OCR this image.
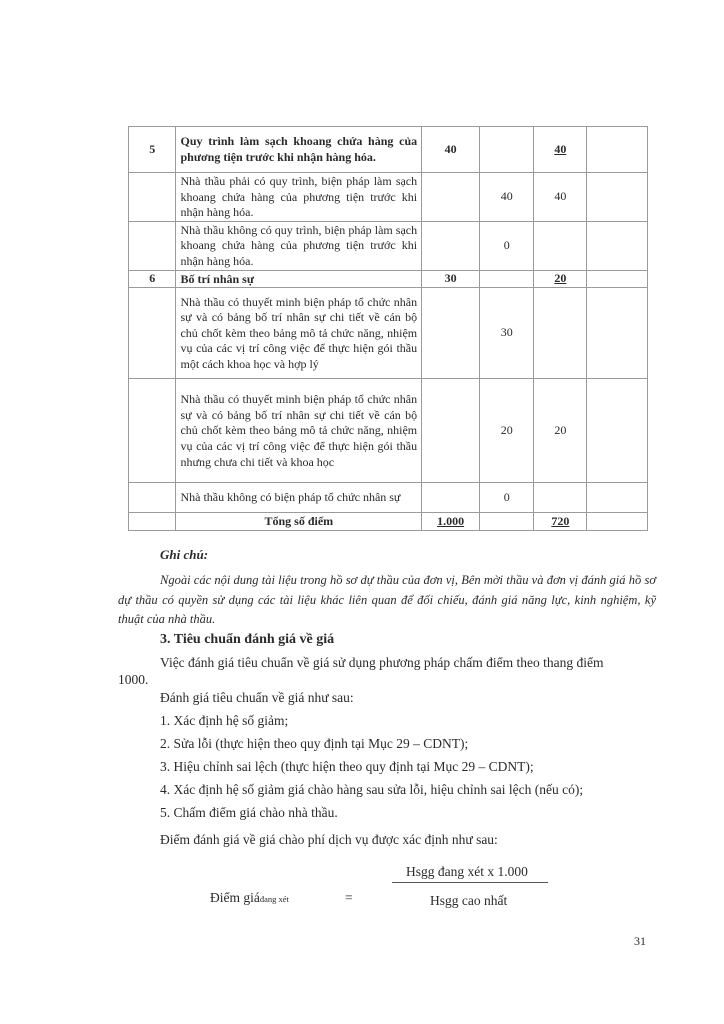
5	Quy trình làm sạch khoang chứa hàng của phương tiện trước khi nhận hàng hóa.	40		40	
	Nhà thầu phải có quy trình, biện pháp làm sạch khoang chứa hàng của phương tiện trước khi nhận hàng hóa.		40	40	
	Nhà thầu không có quy trình, biện pháp làm sạch khoang chứa hàng của phương tiện trước khi nhận hàng hóa.		0		
6	Bố trí nhân sự	30		20	
	Nhà thầu có thuyết minh biện pháp tổ chức nhân sự và có bảng bố trí nhân sự chi tiết về cán bộ chủ chốt kèm theo bảng mô tả chức năng, nhiệm vụ của các vị trí công việc để thực hiện gói thầu một cách khoa học và hợp lý		30		
	Nhà thầu có thuyết minh biện pháp tổ chức nhân sự và có bảng bố trí nhân sự chi tiết về cán bộ chủ chốt kèm theo bảng mô tả chức năng, nhiệm vụ của các vị trí công việc để thực hiện gói thầu nhưng chưa chi tiết và khoa học		20	20	
	Nhà thầu không có biện pháp tổ chức nhân sự		0		
	Tổng số điểm	1.000		720	
Ghi chú:
Ngoài các nội dung tài liệu trong hồ sơ dự thầu của đơn vị, Bên mời thầu và đơn vị đánh giá hồ sơ dự thầu có quyền sử dụng các tài liệu khác liên quan để đối chiếu, đánh giá năng lực, kinh nghiệm, kỹ thuật của nhà thầu.
3. Tiêu chuẩn đánh giá về giá
Việc đánh giá tiêu chuẩn về giá sử dụng phương pháp chấm điểm theo thang điểm
1000.
Đánh giá tiêu chuẩn về giá như sau:
1. Xác định hệ số giảm;
2. Sửa lỗi (thực hiện theo quy định tại Mục 29 – CDNT);
3. Hiệu chỉnh sai lệch (thực hiện theo quy định tại Mục 29 – CDNT);
4. Xác định hệ số giảm giá chào hàng sau sửa lỗi, hiệu chỉnh sai lệch (nếu có);
5. Chấm điểm giá chào nhà thầu.
Điểm đánh giá về giá chào phí dịch vụ được xác định như sau:
Hsgg đang xét x 1.000
Điểm giáđang xét	=	Hsgg cao nhất
31
